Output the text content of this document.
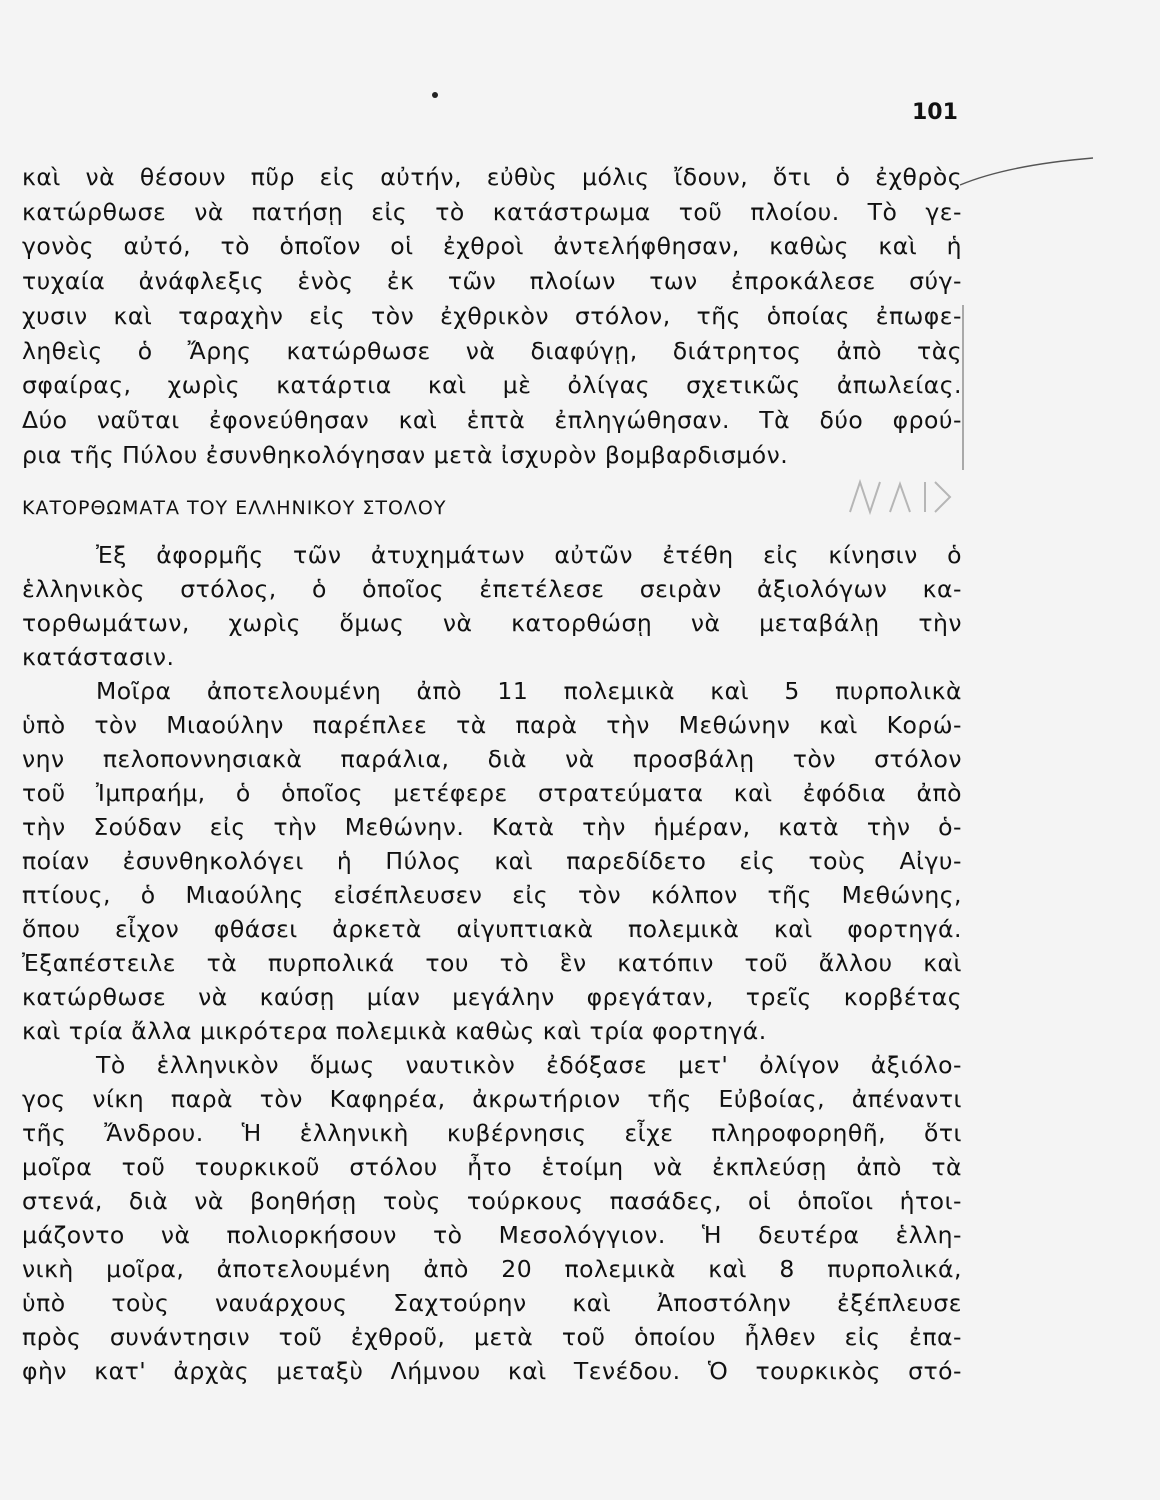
101
καὶ νὰ θέσουν πῦρ εἰς αὐτήν, εὐθὺς μόλις ἴδουν, ὅτι ὁ ἐχθρὸς
κατώρθωσε νὰ πατήσῃ εἰς τὸ κατάστρωμα τοῦ πλοίου. Τὸ γε-
γονὸς αὐτό, τὸ ὁποῖον οἱ ἐχθροὶ ἀντελήφθησαν, καθὼς καὶ ἡ
τυχαία ἀνάφλεξις ἑνὸς ἐκ τῶν πλοίων των ἐπροκάλεσε σύγ-
χυσιν καὶ ταραχὴν εἰς τὸν ἐχθρικὸν στόλον, τῆς ὁποίας ἐπωφε-
ληθεὶς ὁ Ἄρης κατώρθωσε νὰ διαφύγῃ, διάτρητος ἀπὸ τὰς
σφαίρας, χωρὶς κατάρτια καὶ μὲ ὀλίγας σχετικῶς ἀπωλείας.
Δύο ναῦται ἐφονεύθησαν καὶ ἑπτὰ ἐπληγώθησαν. Τὰ δύο φρού-
ρια τῆς Πύλου ἐσυνθηκολόγησαν μετὰ ἰσχυρὸν βομβαρδισμόν.
ΚΑΤΟΡΘΩΜΑΤΑ ΤΟΥ ΕΛΛΗΝΙΚΟΥ ΣΤΟΛΟΥ
Ἐξ ἀφορμῆς τῶν ἀτυχημάτων αὐτῶν ἐτέθη εἰς κίνησιν ὁ
ἑλληνικὸς στόλος, ὁ ὁποῖος ἐπετέλεσε σειρὰν ἀξιολόγων κα-
τορθωμάτων, χωρὶς ὅμως νὰ κατορθώσῃ νὰ μεταβάλῃ τὴν
κατάστασιν.
Μοῖρα ἀποτελουμένη ἀπὸ 11 πολεμικὰ καὶ 5 πυρπολικὰ
ὑπὸ τὸν Μιαούλην παρέπλεε τὰ παρὰ τὴν Μεθώνην καὶ Κορώ-
νην πελοποννησιακὰ παράλια, διὰ νὰ προσβάλῃ τὸν στόλον
τοῦ Ἰμπραήμ, ὁ ὁποῖος μετέφερε στρατεύματα καὶ ἐφόδια ἀπὸ
τὴν Σούδαν εἰς τὴν Μεθώνην. Κατὰ τὴν ἡμέραν, κατὰ τὴν ὁ-
ποίαν ἐσυνθηκολόγει ἡ Πύλος καὶ παρεδίδετο εἰς τοὺς Αἰγυ-
πτίους, ὁ Μιαούλης εἰσέπλευσεν εἰς τὸν κόλπον τῆς Μεθώνης,
ὅπου εἶχον φθάσει ἀρκετὰ αἰγυπτιακὰ πολεμικὰ καὶ φορτηγά.
Ἐξαπέστειλε τὰ πυρπολικά του τὸ ἓν κατόπιν τοῦ ἄλλου καὶ
κατώρθωσε νὰ καύσῃ μίαν μεγάλην φρεγάταν, τρεῖς κορβέτας
καὶ τρία ἄλλα μικρότερα πολεμικὰ καθὼς καὶ τρία φορτηγά.
Τὸ ἑλληνικὸν ὅμως ναυτικὸν ἐδόξασε μετ' ὀλίγον ἀξιόλο-
γος νίκη παρὰ τὸν Καφηρέα, ἀκρωτήριον τῆς Εὐβοίας, ἀπέναντι
τῆς Ἄνδρου. Ἡ ἑλληνικὴ κυβέρνησις εἶχε πληροφορηθῆ, ὅτι
μοῖρα τοῦ τουρκικοῦ στόλου ἦτο ἑτοίμη νὰ ἐκπλεύσῃ ἀπὸ τὰ
στενά, διὰ νὰ βοηθήσῃ τοὺς τούρκους πασάδες, οἱ ὁποῖοι ἡτοι-
μάζοντο νὰ πολιορκήσουν τὸ Μεσολόγγιον. Ἡ δευτέρα ἑλλη-
νικὴ μοῖρα, ἀποτελουμένη ἀπὸ 20 πολεμικὰ καὶ 8 πυρπολικά,
ὑπὸ τοὺς ναυάρχους Σαχτούρην καὶ Ἀποστόλην ἐξέπλευσε
πρὸς συνάντησιν τοῦ ἐχθροῦ, μετὰ τοῦ ὁποίου ἦλθεν εἰς ἐπα-
φὴν κατ' ἀρχὰς μεταξὺ Λήμνου καὶ Τενέδου. Ὁ τουρκικὸς στό-
